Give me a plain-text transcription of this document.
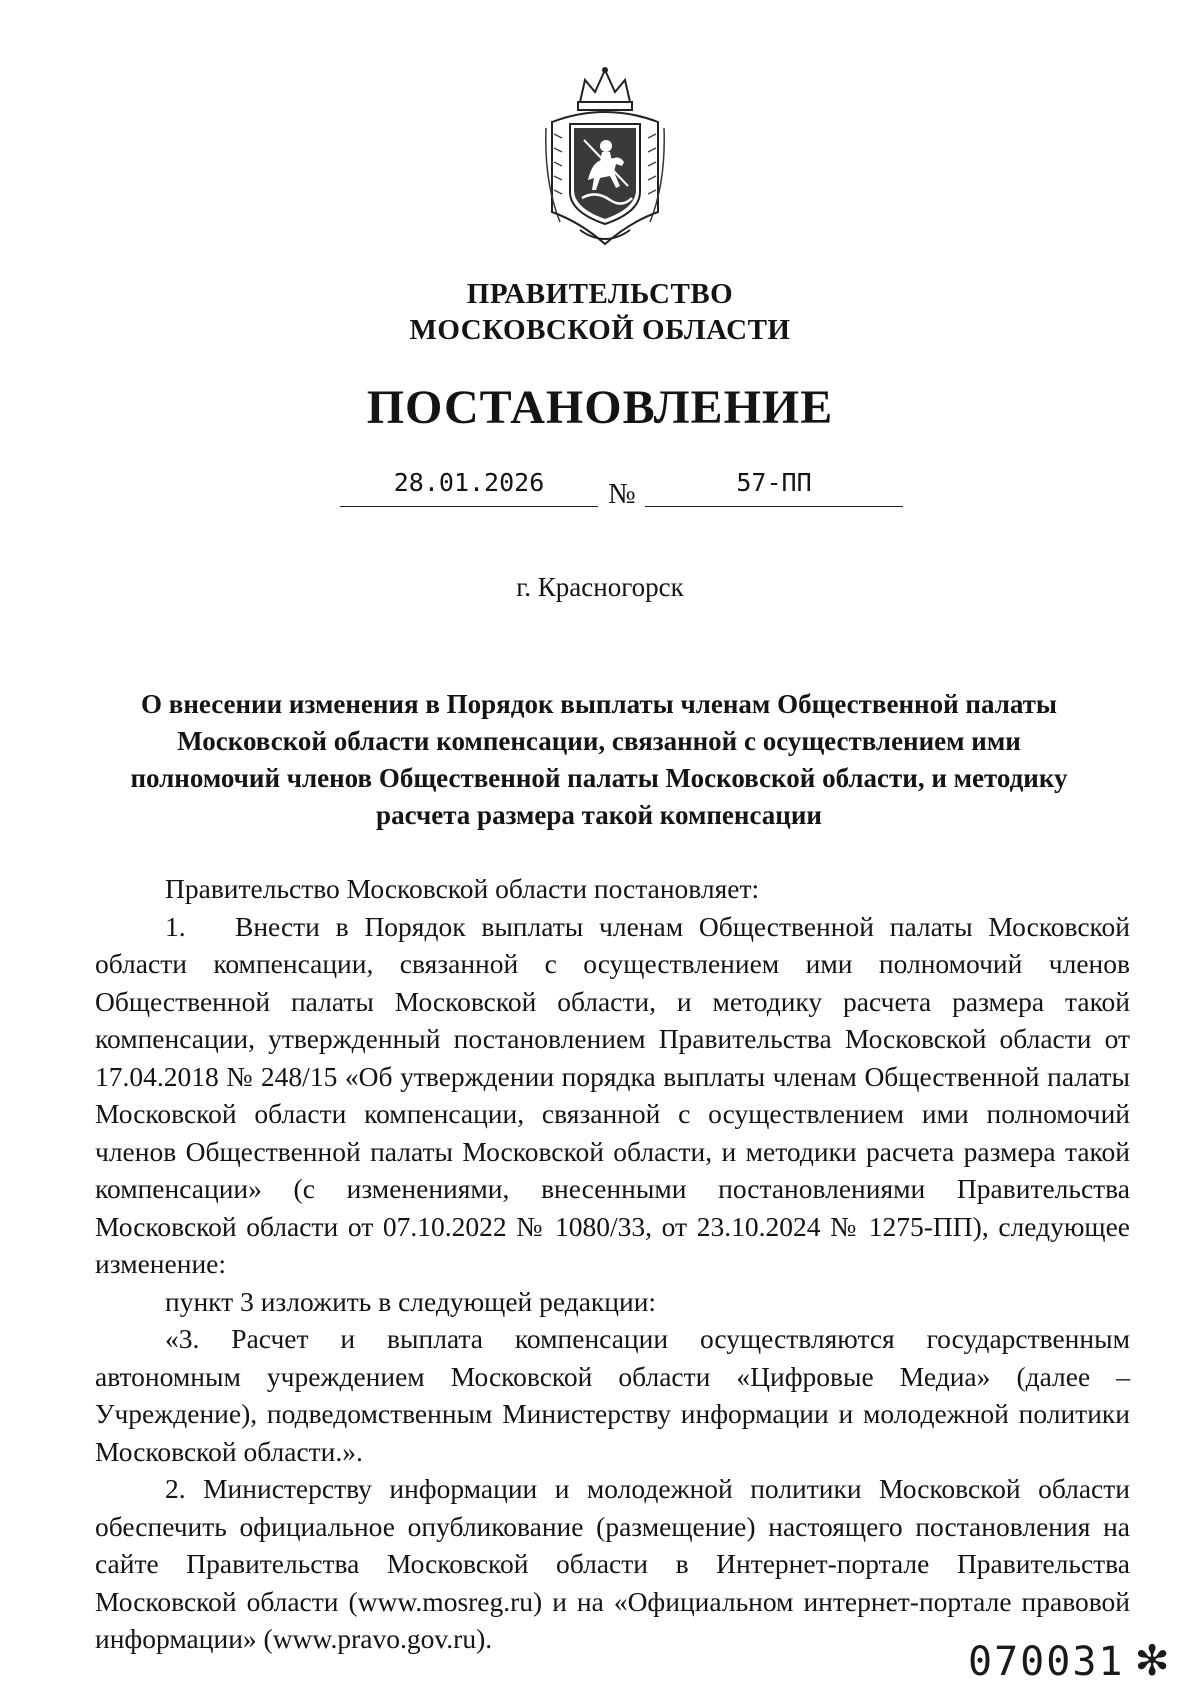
ПРАВИТЕЛЬСТВО
МОСКОВСКОЙ ОБЛАСТИ
ПОСТАНОВЛЕНИЕ
28.01.2026	№	57-ПП
г. Красногорск
О внесении изменения в Порядок выплаты членам Общественной палаты Московской области компенсации, связанной с осуществлением ими полномочий членов Общественной палаты Московской области, и методику расчета размера такой компенсации

Правительство Московской области постановляет:

1. Внести в Порядок выплаты членам Общественной палаты Московской области компенсации, связанной с осуществлением ими полномочий членов Общественной палаты Московской области, и методику расчета размера такой компенсации, утвержденный постановлением Правительства Московской области от 17.04.2018 № 248/15 «Об утверждении порядка выплаты членам Общественной палаты Московской области компенсации, связанной с осуществлением ими полномочий членов Общественной палаты Московской области, и методики расчета размера такой компенсации» (с изменениями, внесенными постановлениями Правительства Московской области от 07.10.2022 № 1080/33, от 23.10.2024 № 1275-ПП), следующее изменение:

пункт 3 изложить в следующей редакции:

«3. Расчет и выплата компенсации осуществляются государственным автономным учреждением Московской области «Цифровые Медиа» (далее – Учреждение), подведомственным Министерству информации и молодежной политики Московской области.».

2. Министерству информации и молодежной политики Московской области обеспечить официальное опубликование (размещение) настоящего постановления на сайте Правительства Московской области в Интернет-портале Правительства Московской области (www.mosreg.ru) и на «Официальном интернет-портале правовой информации» (www.pravo.gov.ru).

070031 ✻
